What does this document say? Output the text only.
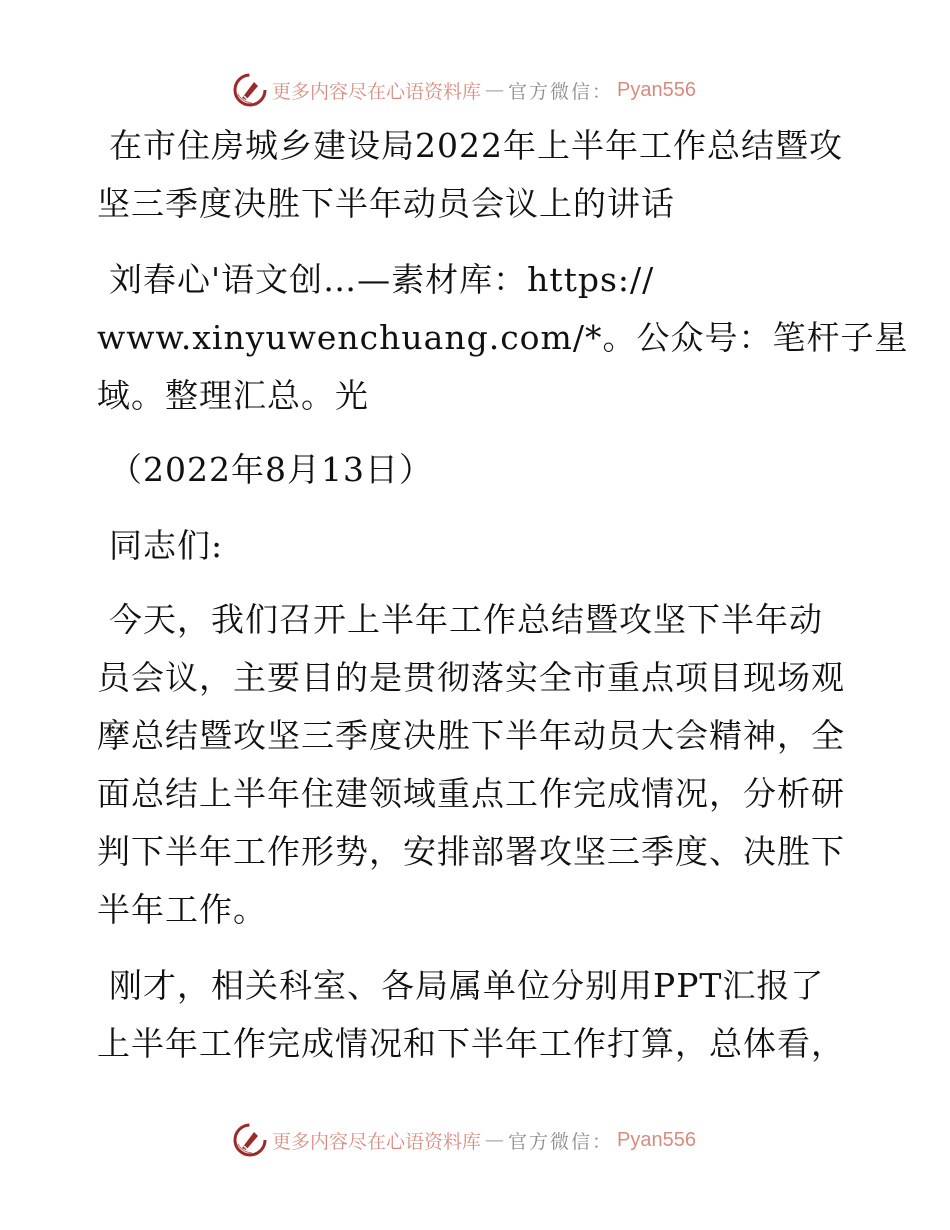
更多内容尽在心语资料库 — 官方微信： Pyan556
在市住房城乡建设局2022年上半年工作总结暨攻
坚三季度决胜下半年动员会议上的讲话
刘春心'语文创…—素材库：https://
www.xinyuwenchuang.com/*。公众号：笔杆子星
域。整理汇总。光
（2022年8月13日）
同志们:
今天，我们召开上半年工作总结暨攻坚下半年动
员会议，主要目的是贯彻落实全市重点项目现场观
摩总结暨攻坚三季度决胜下半年动员大会精神，全
面总结上半年住建领域重点工作完成情况，分析研
判下半年工作形势，安排部署攻坚三季度、决胜下
半年工作。
刚才，相关科室、各局属单位分别用PPT汇报了
上半年工作完成情况和下半年工作打算，总体看，
更多内容尽在心语资料库 — 官方微信： Pyan556
